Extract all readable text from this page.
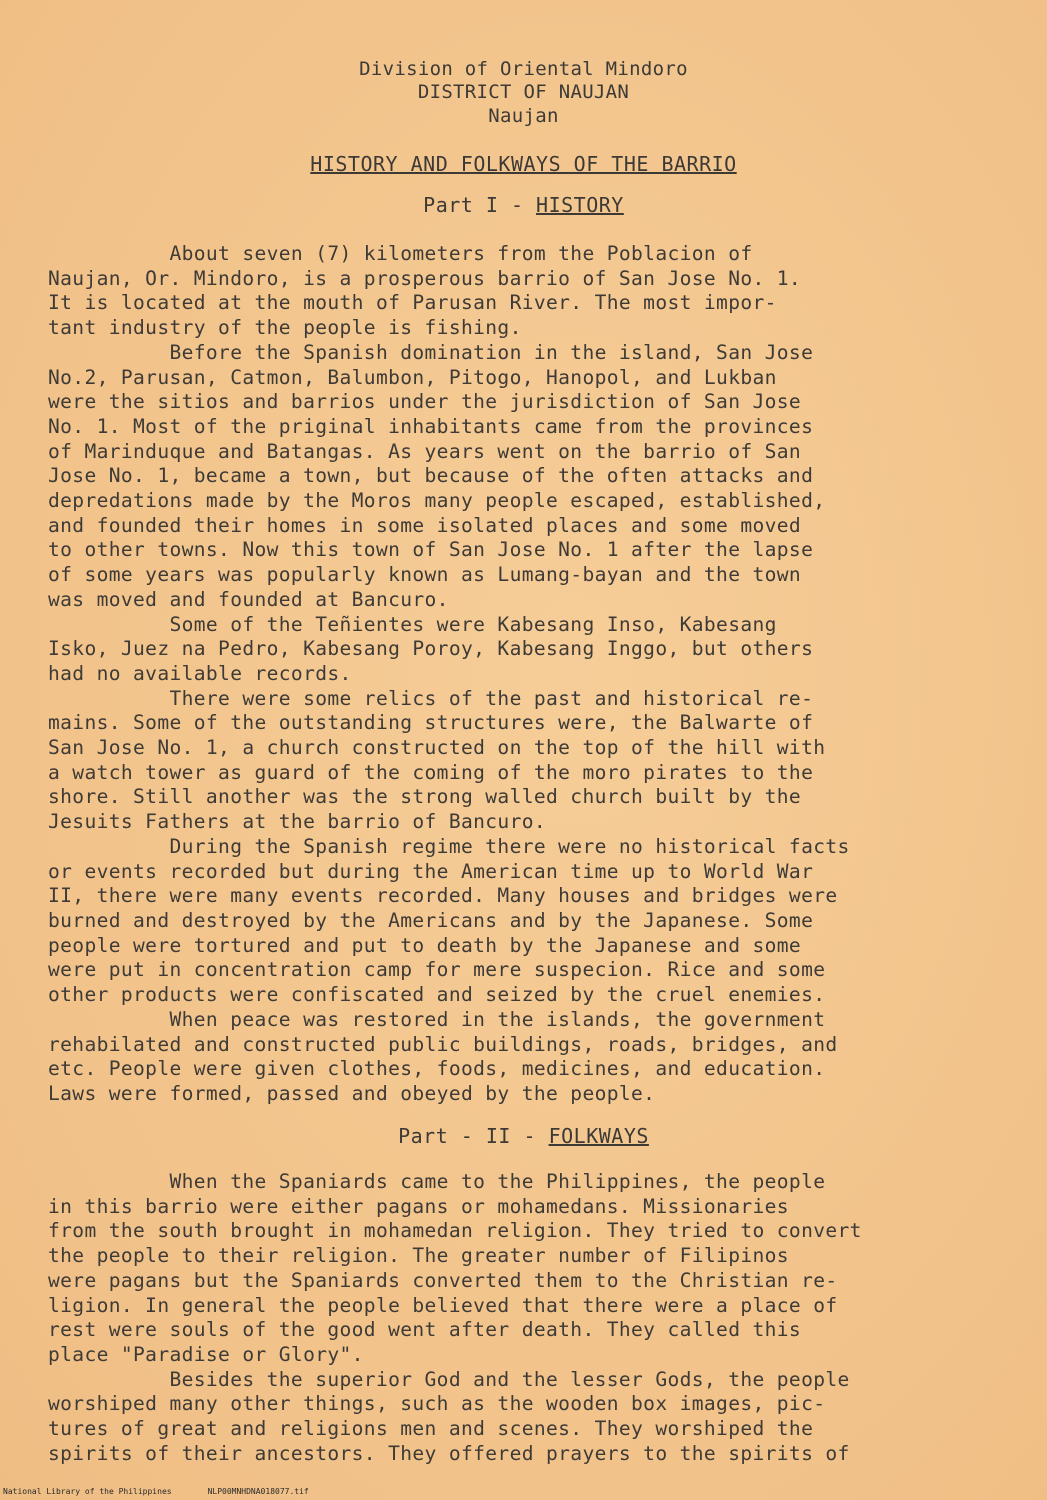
Division of Oriental Mindoro
DISTRICT OF NAUJAN
Naujan
HISTORY AND FOLKWAYS OF THE BARRIO
Part I - HISTORY
About seven (7) kilometers from the Poblacion of
Naujan, Or. Mindoro, is a prosperous barrio of San Jose No. 1.
It is located at the mouth of Parusan River. The most impor-
tant industry of the people is fishing.
Before the Spanish domination in the island, San Jose
No.2, Parusan, Catmon, Balumbon, Pitogo, Hanopol, and Lukban
were the sitios and barrios under the jurisdiction of San Jose
No. 1. Most of the priginal inhabitants came from the provinces
of Marinduque and Batangas. As years went on the barrio of San
Jose No. 1, became a town, but because of the often attacks and
depredations made by the Moros many people escaped, established,
and founded their homes in some isolated places and some moved
to other towns. Now this town of San Jose No. 1 after the lapse
of some years was popularly known as Lumang-bayan and the town
was moved and founded at Bancuro.
Some of the Teñientes were Kabesang Inso, Kabesang
Isko, Juez na Pedro, Kabesang Poroy, Kabesang Inggo, but others
had no available records.
There were some relics of the past and historical re-
mains. Some of the outstanding structures were, the Balwarte of
San Jose No. 1, a church constructed on the top of the hill with
a watch tower as guard of the coming of the moro pirates to the
shore. Still another was the strong walled church built by the
Jesuits Fathers at the barrio of Bancuro.
During the Spanish regime there were no historical facts
or events recorded but during the American time up to World War
II, there were many events recorded. Many houses and bridges were
burned and destroyed by the Americans and by the Japanese. Some
people were tortured and put to death by the Japanese and some
were put in concentration camp for mere suspecion. Rice and some
other products were confiscated and seized by the cruel enemies.
When peace was restored in the islands, the government
rehabilated and constructed public buildings, roads, bridges, and
etc. People were given clothes, foods, medicines, and education.
Laws were formed, passed and obeyed by the people.
Part - II - FOLKWAYS
When the Spaniards came to the Philippines, the people
in this barrio were either pagans or mohamedans. Missionaries
from the south brought in mohamedan religion. They tried to convert
the people to their religion. The greater number of Filipinos
were pagans but the Spaniards converted them to the Christian re-
ligion. In general the people believed that there were a place of
rest were souls of the good went after death. They called this
place "Paradise or Glory".
Besides the superior God and the lesser Gods, the people
worshiped many other things, such as the wooden box images, pic-
tures of great and religions men and scenes. They worshiped the
spirits of their ancestors. They offered prayers to the spirits of
National Library of the Philippines	NLP00MNHDNA018077.tif
